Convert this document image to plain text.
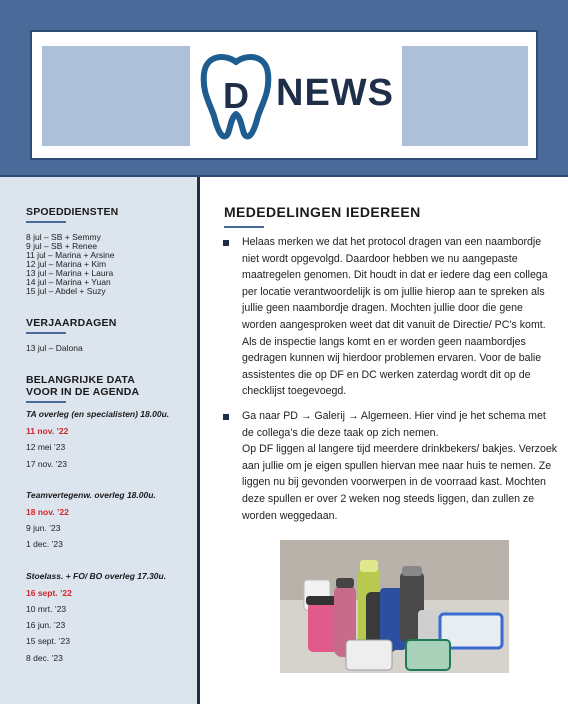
D NEWS
SPOEDDIENSTEN
8 jul – SB + Semmy
9 jul – SB + Renee
11 jul – Marina + Arsine
12 jul – Marina + Kim
13 jul – Marina + Laura
14 jul – Marina + Yuan
15 jul – Abdel + Suzy
VERJAARDAGEN
13 jul – Dalona
BELANGRIJKE DATA
VOOR IN DE AGENDA
TA overleg (en specialisten) 18.00u.
11 nov. ’22
12 mei ’23
17 nov. ’23
Teamvertegenw. overleg 18.00u.
18 nov. ’22
9 jun. ’23
1 dec. ’23
Stoelass. + FO/ BO overleg 17.30u.
16 sept. ’22
10 mrt. ’23
16 jun. ’23
15 sept. ’23
8 dec. ’23
MEDEDELINGEN IEDEREEN
Helaas merken we dat het protocol dragen van een naambordje niet wordt opgevolgd. Daardoor hebben we nu aangepaste maatregelen genomen. Dit houdt in dat er iedere dag een collega per locatie verantwoordelijk is om jullie hierop aan te spreken als jullie geen naambordje dragen. Mochten jullie door die gene worden aangesproken weet dat dit vanuit de Directie/ PC’s komt. Als de inspectie langs komt en er worden geen naambordjes gedragen kunnen wij hierdoor problemen ervaren. Voor de balie assistentes die op DF en DC werken zaterdag wordt dit op de checklijst toegevoegd.
Ga naar PD → Galerij → Algemeen. Hier vind je het schema met de collega’s die deze taak op zich nemen.
Op DF liggen al langere tijd meerdere drinkbekers/ bakjes. Verzoek aan jullie om je eigen spullen hiervan mee naar huis te nemen. Ze liggen nu bij gevonden voorwerpen in de voorraad kast. Mochten deze spullen er over 2 weken nog steeds liggen, dan zullen ze worden weggedaan.
